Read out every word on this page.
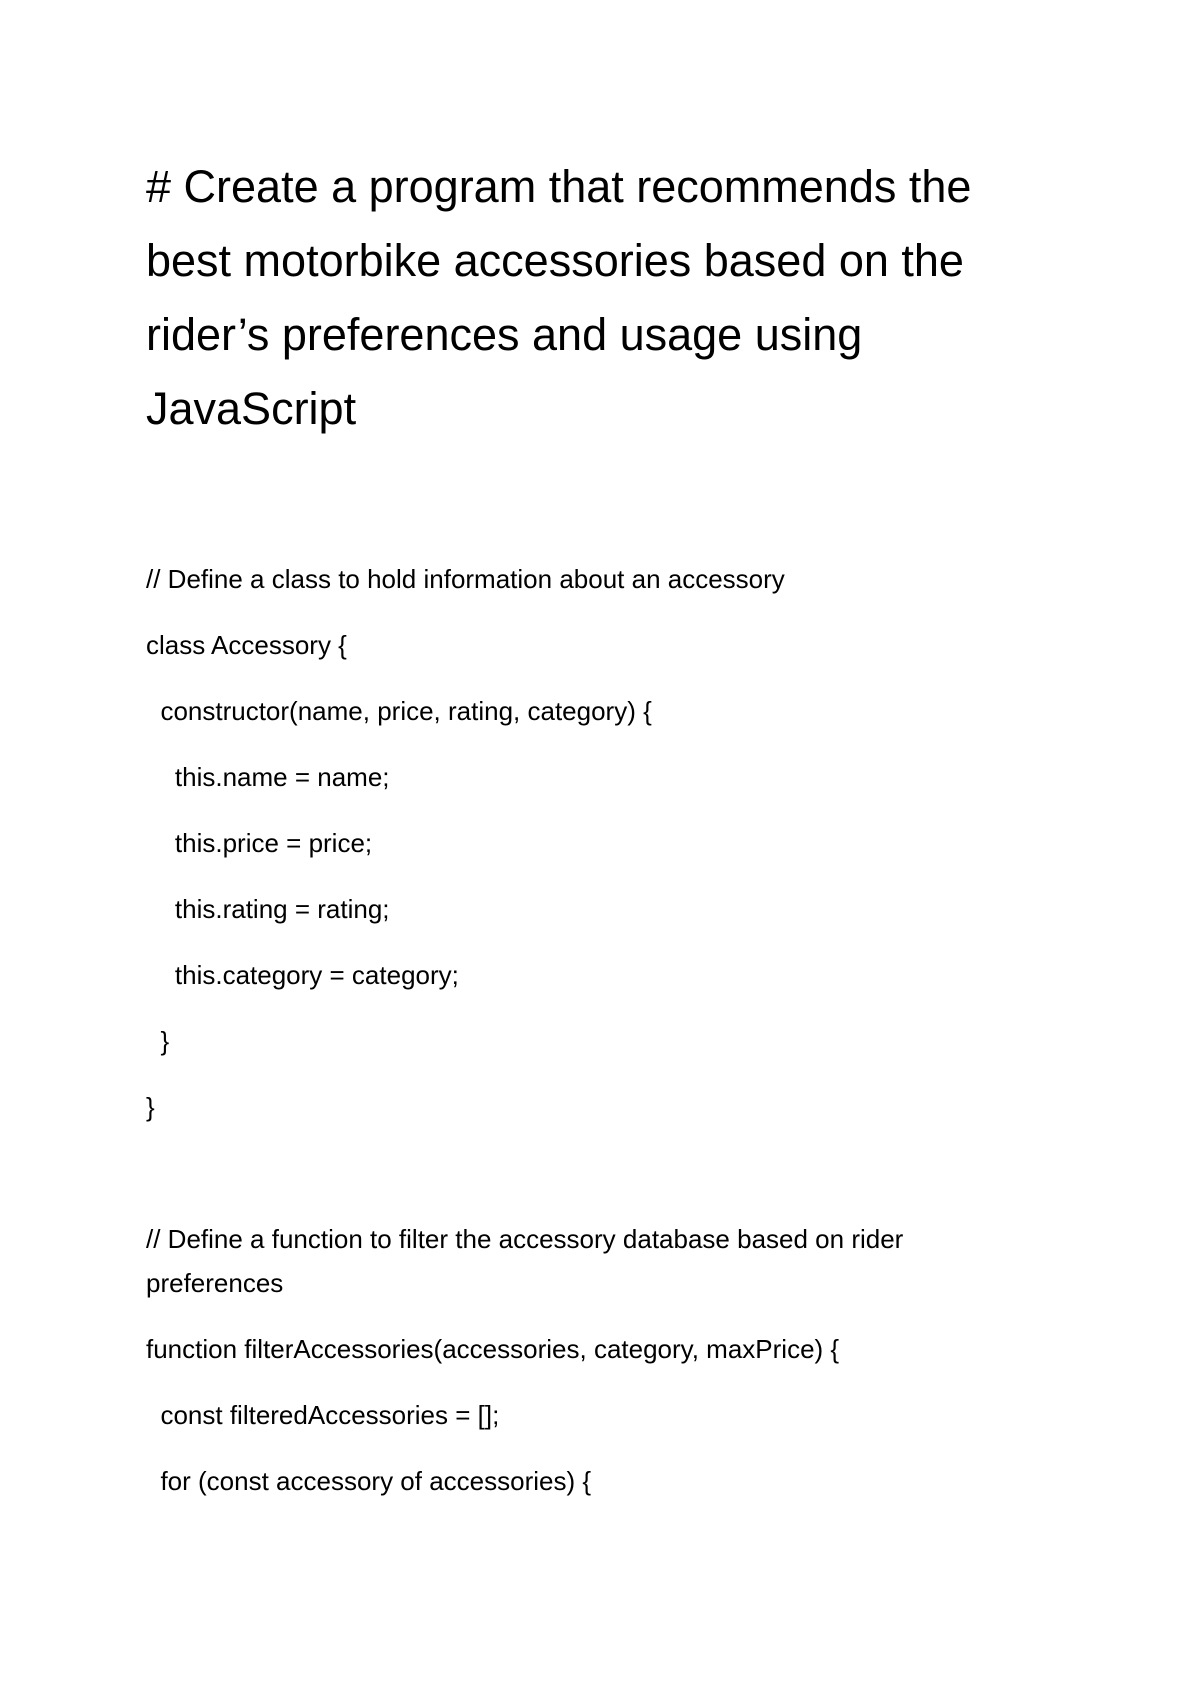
# Create a program that recommends the
best motorbike accessories based on the
rider’s preferences and usage using
JavaScript
// Define a class to hold information about an accessory
class Accessory {
constructor(name, price, rating, category) {
this.name = name;
this.price = price;
this.rating = rating;
this.category = category;
}
}
// Define a function to filter the accessory database based on rider
preferences
function filterAccessories(accessories, category, maxPrice) {
const filteredAccessories = [];
for (const accessory of accessories) {
